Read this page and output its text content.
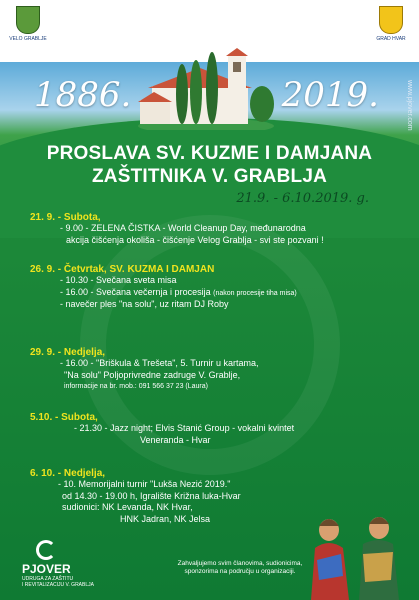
VELO GRABLJE	GRAD HVAR
1886.	2019.	www.pjover.com
PROSLAVA SV. KUZME I DAMJANA
ZAŠTITNIKA V. GRABLJA
21.9. - 6.10.2019. g.
21. 9. - Subota,
- 9.00 - ZELENA ČISTKA - World Cleanup Day, međunarodna
akcija čišćenja okoliša - čišćenje Velog Grablja - svi ste pozvani !
26. 9. - Četvrtak, SV. KUZMA I DAMJAN
- 10.30 - Svečana sveta misa
- 16.00 - Svečana večernja i procesija (nakon procesije tiha misa)
- navečer ples "na solu", uz ritam DJ Roby
29. 9. - Nedjelja,
- 16.00 - "Briškula & Trešeta", 5. Turnir u kartama,
"Na solu" Poljoprivredne zadruge V. Grablje,
informacije na br. mob.: 091 566 37 23 (Laura)
5.10. - Subota,
- 21.30 - Jazz night; Elvis Stanić Group - vokalni kvintet
Veneranda - Hvar
6. 10. - Nedjelja,
- 10. Memorijalni turnir "Lukša Nezić 2019."
od 14.30 - 19.00 h, Igralište Križna luka-Hvar
sudionici: NK Levanda, NK Hvar,
HNK Jadran, NK Jelsa
PJOVER
UDRUGA ZA ZAŠTITU
I REVITALIZACIJU V. GRABLJA
Zahvaljujemo svim članovima, sudionicima, sponzorima na području u organizaciji.
